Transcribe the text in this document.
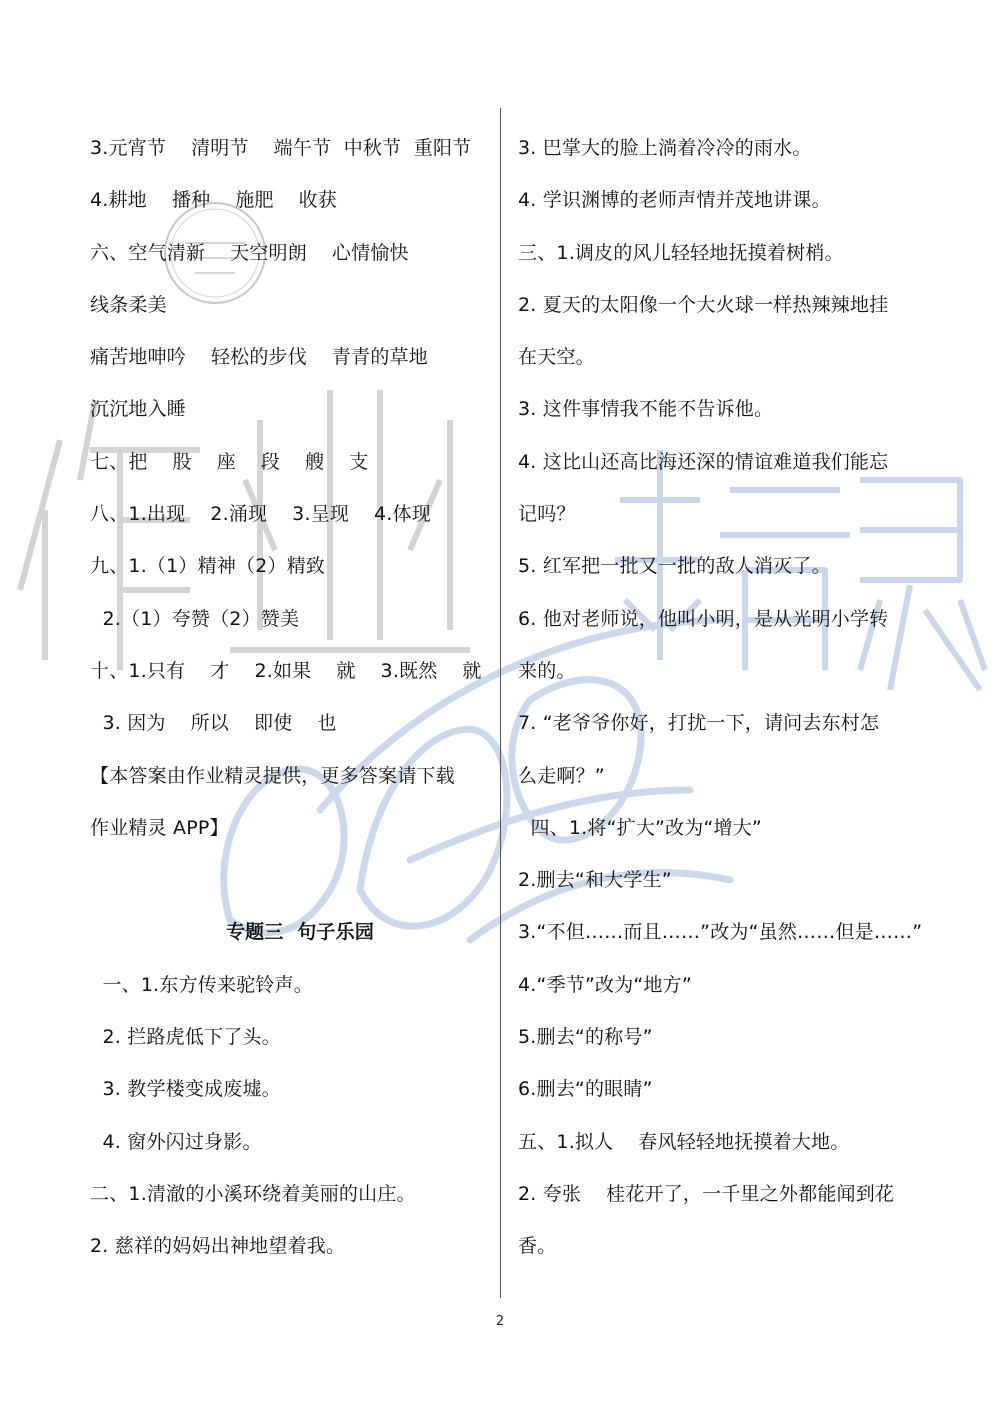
3.元宵节    清明节    端午节  中秋节  重阳节
4.耕地    播种    施肥    收获
六、空气清新    天空明朗    心情愉快
线条柔美
痛苦地呻吟    轻松的步伐    青青的草地
沉沉地入睡
七、把    股    座    段    艘    支
八、1.出现    2.涌现    3.呈现    4.体现
九、1.（1）精神（2）精致
2.（1）夸赞（2）赞美
十、1.只有    才    2.如果    就    3.既然    就
3. 因为    所以    即使    也
【本答案由作业精灵提供，更多答案请下载
作业精灵 APP】
专题三  句子乐园
一、1.东方传来驼铃声。
2. 拦路虎低下了头。
3. 教学楼变成废墟。
4. 窗外闪过身影。
二、1.清澈的小溪环绕着美丽的山庄。
2. 慈祥的妈妈出神地望着我。
3. 巴掌大的脸上淌着冷冷的雨水。
4. 学识渊博的老师声情并茂地讲课。
三、1.调皮的风儿轻轻地抚摸着树梢。
2. 夏天的太阳像一个大火球一样热辣辣地挂
在天空。
3. 这件事情我不能不告诉他。
4. 这比山还高比海还深的情谊难道我们能忘
记吗？
5. 红军把一批又一批的敌人消灭了。
6. 他对老师说，他叫小明，是从光明小学转
来的。
7. “老爷爷你好，打扰一下，请问去东村怎
么走啊？”
四、1.将“扩大”改为“增大”
2.删去“和大学生”
3.“不但……而且……”改为“虽然……但是……”
4.“季节”改为“地方”
5.删去“的称号”
6.删去“的眼睛”
五、1.拟人    春风轻轻地抚摸着大地。
2. 夸张    桂花开了，一千里之外都能闻到花
香。
2
